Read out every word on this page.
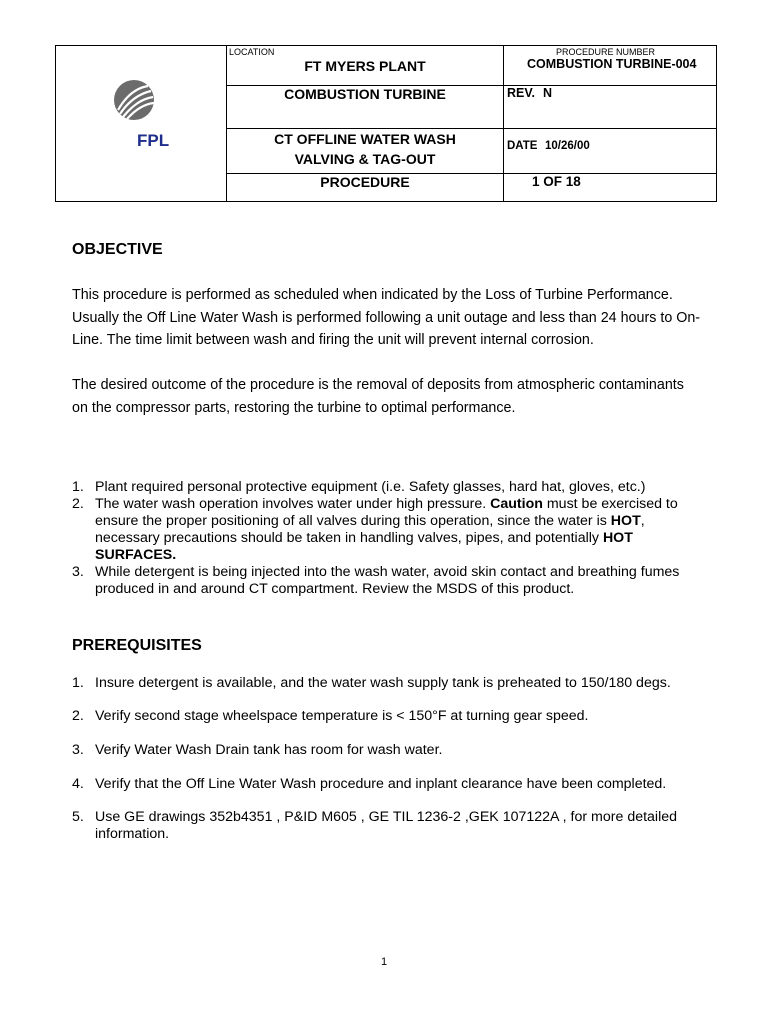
FPL
LOCATION
FT MYERS PLANT
COMBUSTION TURBINE
CT OFFLINE WATER WASH
VALVING & TAG-OUT
PROCEDURE
PROCEDURE NUMBER
COMBUSTION TURBINE-004
REV. N
DATE 10/26/00
1 OF 18
OBJECTIVE

This procedure is performed as scheduled when indicated by the Loss of Turbine Performance. Usually the Off Line Water Wash is performed following a unit outage and less than 24 hours to On-Line. The time limit between wash and firing the unit will prevent internal corrosion.

The desired outcome of the procedure is the removal of deposits from atmospheric contaminants on the compressor parts, restoring the turbine to optimal performance.

1. Plant required personal protective equipment (i.e. Safety glasses, hard hat, gloves, etc.)
2. The water wash operation involves water under high pressure. Caution must be exercised to ensure the proper positioning of all valves during this operation, since the water is HOT, necessary precautions should be taken in handling valves, pipes, and potentially HOT SURFACES.
3. While detergent is being injected into the wash water, avoid skin contact and breathing fumes produced in and around CT compartment. Review the MSDS of this product.
PREREQUISITES
1. Insure detergent is available, and the water wash supply tank is preheated to 150/180 degs.
2. Verify second stage wheelspace temperature is < 150°F at turning gear speed.
3. Verify Water Wash Drain tank has room for wash water.
4. Verify that the Off Line Water Wash procedure and inplant clearance have been completed.
5. Use GE drawings 352b4351 , P&ID M605 , GE TIL 1236-2 ,GEK 107122A , for more detailed information.
1
